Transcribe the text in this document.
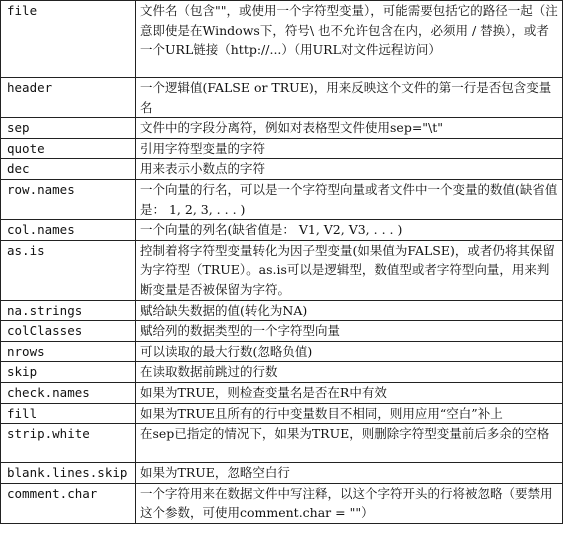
file	文件名（包含""，或使用一个字符型变量），可能需要包括它的路径一起（注意即使是在Windows下，符号\ 也不允许包含在内，必须用 / 替换），或者一个URL链接（http://...）（用URL对文件远程访问）
header	一个逻辑值(FALSE or TRUE)，用来反映这个文件的第一行是否包含变量名
sep	文件中的字段分离符，例如对表格型文件使用sep="\t"
quote	引用字符型变量的字符
dec	用来表示小数点的字符
row.names	一个向量的行名，可以是一个字符型向量或者文件中一个变量的数值(缺省值是： 1, 2, 3, . . . )
col.names	一个向量的列名(缺省值是： V1, V2, V3, . . . )
as.is	控制着将字符型变量转化为因子型变量(如果值为FALSE)，或者仍将其保留为字符型（TRUE）。as.is可以是逻辑型，数值型或者字符型向量，用来判断变量是否被保留为字符。
na.strings	赋给缺失数据的值(转化为NA)
colClasses	赋给列的数据类型的一个字符型向量
nrows	可以读取的最大行数(忽略负值)
skip	在读取数据前跳过的行数
check.names	如果为TRUE，则检查变量名是否在R中有效
fill	如果为TRUE且所有的行中变量数目不相同，则用应用“空白”补上
strip.white	在sep已指定的情况下，如果为TRUE，则删除字符型变量前后多余的空格
blank.lines.skip	如果为TRUE，忽略空白行
comment.char	一个字符用来在数据文件中写注释，以这个字符开头的行将被忽略（要禁用这个参数，可使用comment.char = ""）
